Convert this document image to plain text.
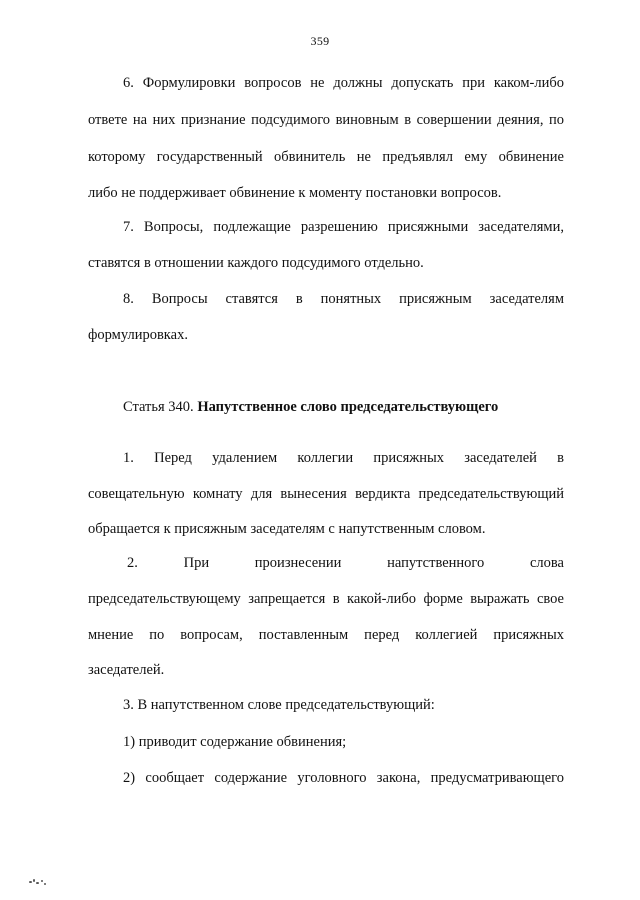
359
6. Формулировки вопросов не должны допускать при каком-либо
ответе на них признание подсудимого виновным в совершении деяния, по
которому государственный обвинитель не предъявлял ему обвинение
либо не поддерживает обвинение к моменту постановки вопросов.
7. Вопросы, подлежащие разрешению присяжными заседателями,
ставятся в отношении каждого подсудимого отдельно.
8. Вопросы ставятся в понятных присяжным заседателям
формулировках.
Статья 340. Напутственное слово председательствующего
1. Перед удалением коллегии присяжных заседателей в
совещательную комнату для вынесения вердикта председательствующий
обращается к присяжным заседателям с напутственным словом.
2. При произнесении напутственного слова
председательствующему запрещается в какой-либо форме выражать свое
мнение по вопросам, поставленным перед коллегией присяжных
заседателей.
3. В напутственном слове председательствующий:
1) приводит содержание обвинения;
2) сообщает содержание уголовного закона, предусматривающего
